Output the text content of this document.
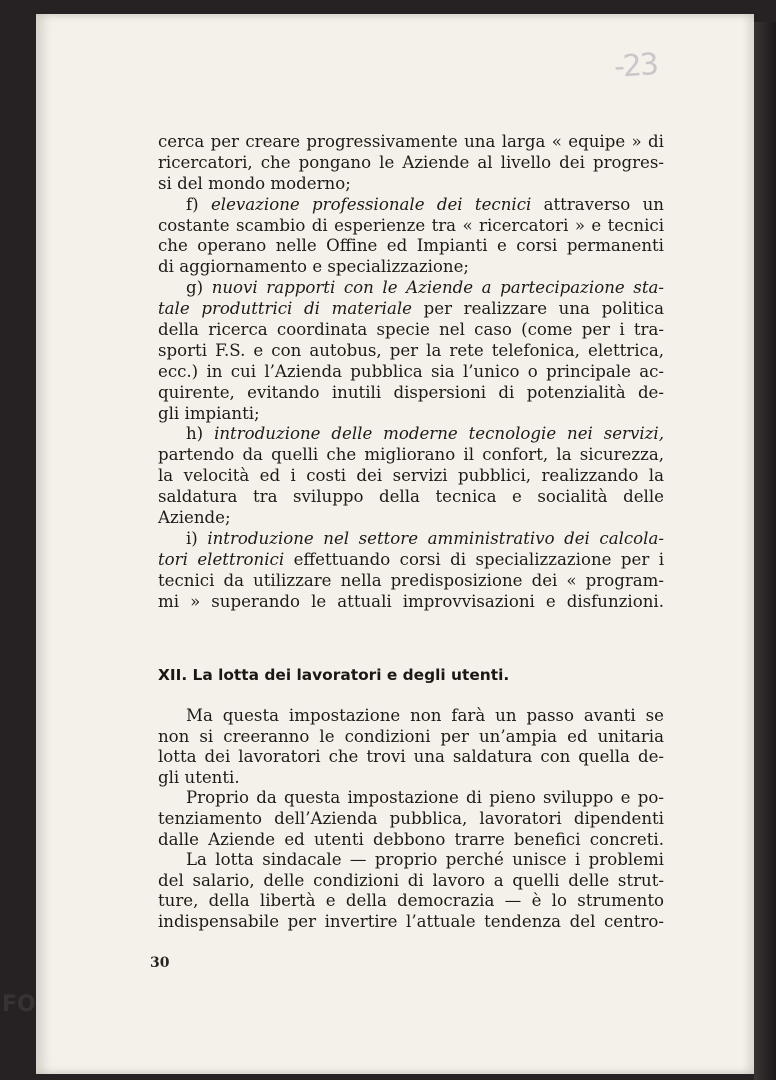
-23
cerca per creare progressivamente una larga « equipe » di
ricercatori, che pongano le Aziende al livello dei progres-
si del mondo moderno;
f) elevazione professionale dei tecnici attraverso un
costante scambio di esperienze tra « ricercatori » e tecnici
che operano nelle Offine ed Impianti e corsi permanenti
di aggiornamento e specializzazione;
g) nuovi rapporti con le Aziende a partecipazione sta-
tale produttrici di materiale per realizzare una politica
della ricerca coordinata specie nel caso (come per i tra-
sporti F.S. e con autobus, per la rete telefonica, elettrica,
ecc.) in cui l’Azienda pubblica sia l’unico o principale ac-
quirente, evitando inutili dispersioni di potenzialità de-
gli impianti;
h) introduzione delle moderne tecnologie nei servizi,
partendo da quelli che migliorano il confort, la sicurezza,
la velocità ed i costi dei servizi pubblici, realizzando la
saldatura tra sviluppo della tecnica e socialità delle
Aziende;
i) introduzione nel settore amministrativo dei calcola-
tori elettronici effettuando corsi di specializzazione per i
tecnici da utilizzare nella predisposizione dei « program-
mi » superando le attuali improvvisazioni e disfunzioni.
XII. La lotta dei lavoratori e degli utenti.
Ma questa impostazione non farà un passo avanti se
non si creeranno le condizioni per un’ampia ed unitaria
lotta dei lavoratori che trovi una saldatura con quella de-
gli utenti.
Proprio da questa impostazione di pieno sviluppo e po-
tenziamento dell’Azienda pubblica, lavoratori dipendenti
dalle Aziende ed utenti debbono trarre benefici concreti.
La lotta sindacale — proprio perché unisce i problemi
del salario, delle condizioni di lavoro a quelli delle strut-
ture, della libertà e della democrazia — è lo strumento
indispensabile per invertire l’attuale tendenza del centro-
30
FO
